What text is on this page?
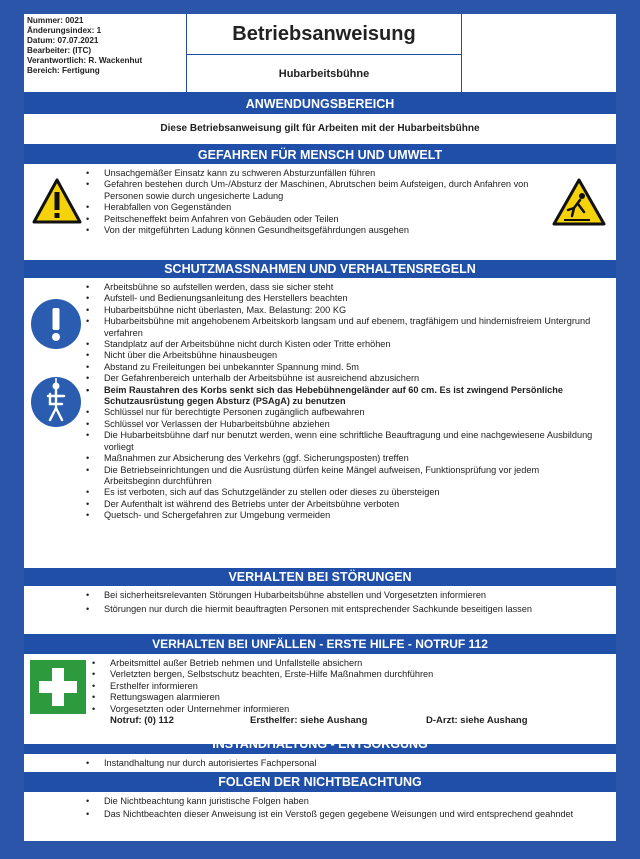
Nummer: 0021
Änderungsindex: 1
Datum: 07.07.2021
Bearbeiter: (ITC)
Verantwortlich: R. Wackenhut
Bereich: Fertigung
Betriebsanweisung
Hubarbeitsbühne
ANWENDUNGSBEREICH
Diese Betriebsanweisung gilt für Arbeiten mit der Hubarbeitsbühne
GEFAHREN FÜR MENSCH UND UMWELT
• Unsachgemäßer Einsatz kann zu schweren Absturzunfällen führen
• Gefahren bestehen durch Um-/Absturz der Maschinen, Abrutschen beim Aufsteigen, durch Anfahren von Personen sowie durch ungesicherte Ladung
• Herabfallen von Gegenständen
• Peitscheneffekt beim Anfahren von Gebäuden oder Teilen
• Von der mitgeführten Ladung können Gesundheitsgefährdungen ausgehen
SCHUTZMASSNAHMEN UND VERHALTENSREGELN
• Arbeitsbühne so aufstellen werden, dass sie sicher steht
• Aufstell- und Bedienungsanleitung des Herstellers beachten
• Hubarbeitsbühne nicht überlasten, Max. Belastung: 200 KG
• Hubarbeitsbühne mit angehobenem Arbeitskorb langsam und auf ebenem, tragfähigem und hindernisfreiem Untergrund verfahren
• Standplatz auf der Arbeitsbühne nicht durch Kisten oder Tritte erhöhen
• Nicht über die Arbeitsbühne hinausbeugen
• Abstand zu Freileitungen bei unbekannter Spannung mind. 5m
• Der Gefahrenbereich unterhalb der Arbeitsbühne ist ausreichend abzusichern
• Beim Raustahren des Korbs senkt sich das Hebebühnengeländer auf 60 cm. Es ist zwingend Persönliche Schutzausrüstung gegen Absturz (PSAgA) zu benutzen
• Schlüssel nur für berechtigte Personen zugänglich aufbewahren
• Schlüssel vor Verlassen der Hubarbeitsbühne abziehen
• Die Hubarbeitsbühne darf nur benutzt werden, wenn eine schriftliche Beauftragung und eine nachgewiesene Ausbildung vorliegt
• Maßnahmen zur Absicherung des Verkehrs (ggf. Sicherungsposten) treffen
• Die Betriebseinrichtungen und die Ausrüstung dürfen keine Mängel aufweisen, Funktionsprüfung vor jedem Arbeitsbeginn durchführen
• Es ist verboten, sich auf das Schutzgeländer zu stellen oder dieses zu übersteigen
• Der Aufenthalt ist während des Betriebs unter der Arbeitsbühne verboten
• Quetsch- und Schergefahren zur Umgebung vermeiden
VERHALTEN BEI STÖRUNGEN
• Bei sicherheitsrelevanten Störungen Hubarbeitsbühne abstellen und Vorgesetzten informieren
• Störungen nur durch die hiermit beauftragten Personen mit entsprechender Sachkunde beseitigen lassen
VERHALTEN BEI UNFÄLLEN - ERSTE HILFE - NOTRUF 112
• Arbeitsmittel außer Betrieb nehmen und Unfallstelle absichern
• Verletzten bergen, Selbstschutz beachten, Erste-Hilfe Maßnahmen durchführen
• Ersthelfer informieren
• Rettungswagen alarmieren
• Vorgesetzten oder Unternehmer informieren
Notruf: (0) 112	Ersthelfer: siehe Aushang	D-Arzt: siehe Aushang
INSTANDHALTUNG - ENTSORGUNG
• Instandhaltung nur durch autorisiertes Fachpersonal
FOLGEN DER NICHTBEACHTUNG
• Die Nichtbeachtung kann juristische Folgen haben
• Das Nichtbeachten dieser Anweisung ist ein Verstoß gegen gegebene Weisungen und wird entsprechend geahndet
